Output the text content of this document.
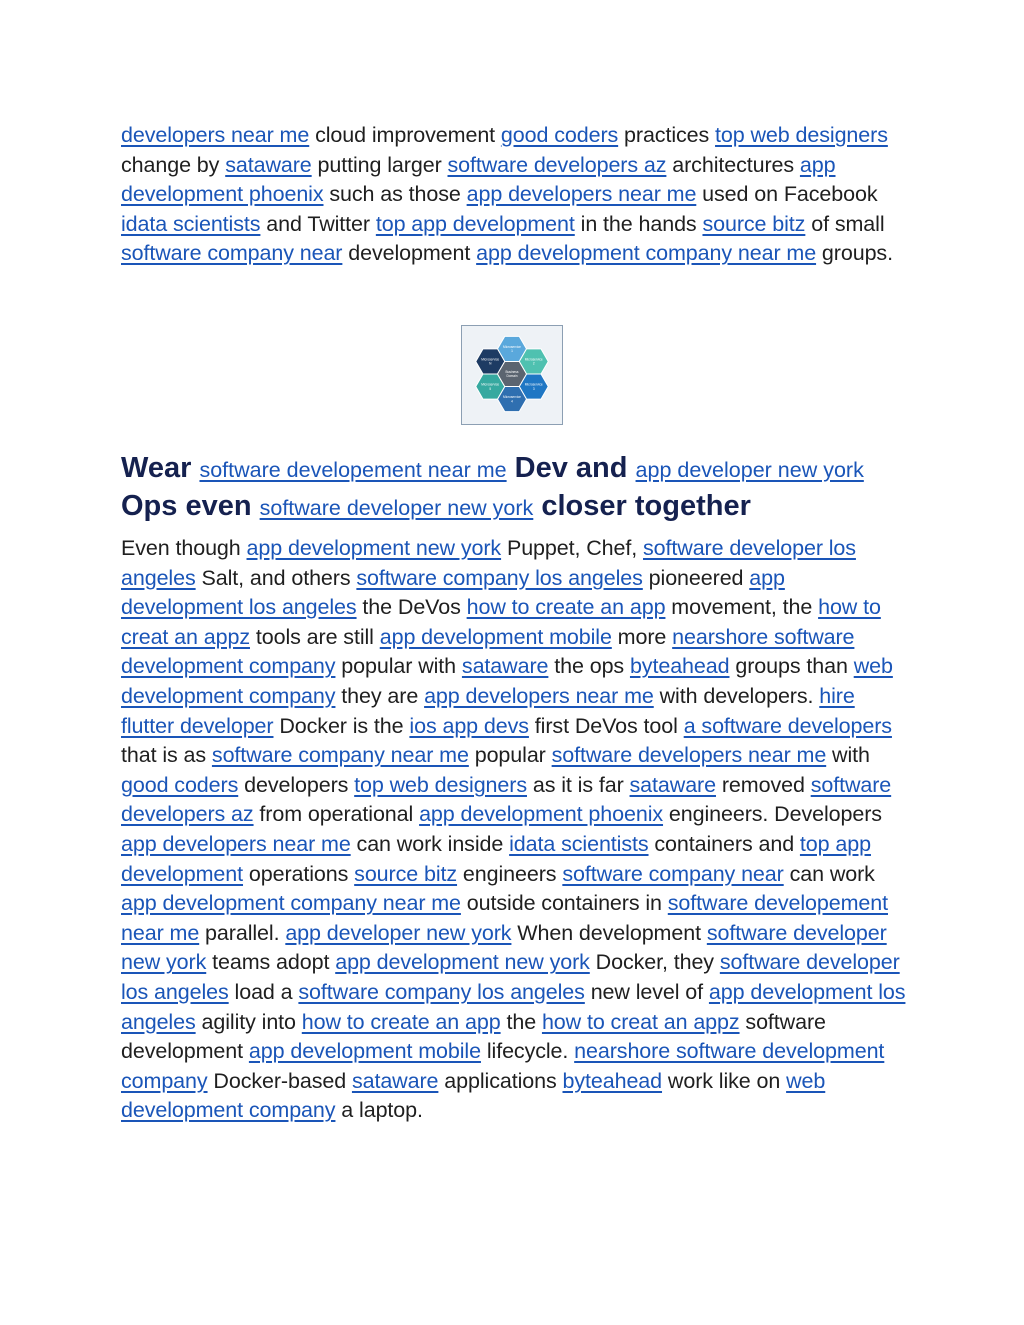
developers near me cloud improvement good coders practices top web designers change by sataware putting larger software developers az architectures app development phoenix such as those app developers near me used on Facebook idata scientists and Twitter top app development in the hands source bitz of small software company near development app development company near me groups.

Microservice
1
Microservice
2
Microservice
3
Microservice
4
Microservice
5
Microservice
N
Business
Domain
Wear software developement near me Dev and app developer new york Ops even software developer new york closer together

Even though app development new york Puppet, Chef, software developer los angeles Salt, and others software company los angeles pioneered app development los angeles the DeVos how to create an app movement, the how to creat an appz tools are still app development mobile more nearshore software development company popular with sataware the ops byteahead groups than web development company they are app developers near me with developers. hire flutter developer Docker is the ios app devs first DeVos tool a software developers that is as software company near me popular software developers near me with good coders developers top web designers as it is far sataware removed software developers az from operational app development phoenix engineers. Developers app developers near me can work inside idata scientists containers and top app development operations source bitz engineers software company near can work app development company near me outside containers in software developement near me parallel. app developer new york When development software developer new york teams adopt app development new york Docker, they software developer los angeles load a software company los angeles new level of app development los angeles agility into how to create an app the how to creat an appz software development app development mobile lifecycle. nearshore software development company Docker-based sataware applications byteahead work like on web development company a laptop.
